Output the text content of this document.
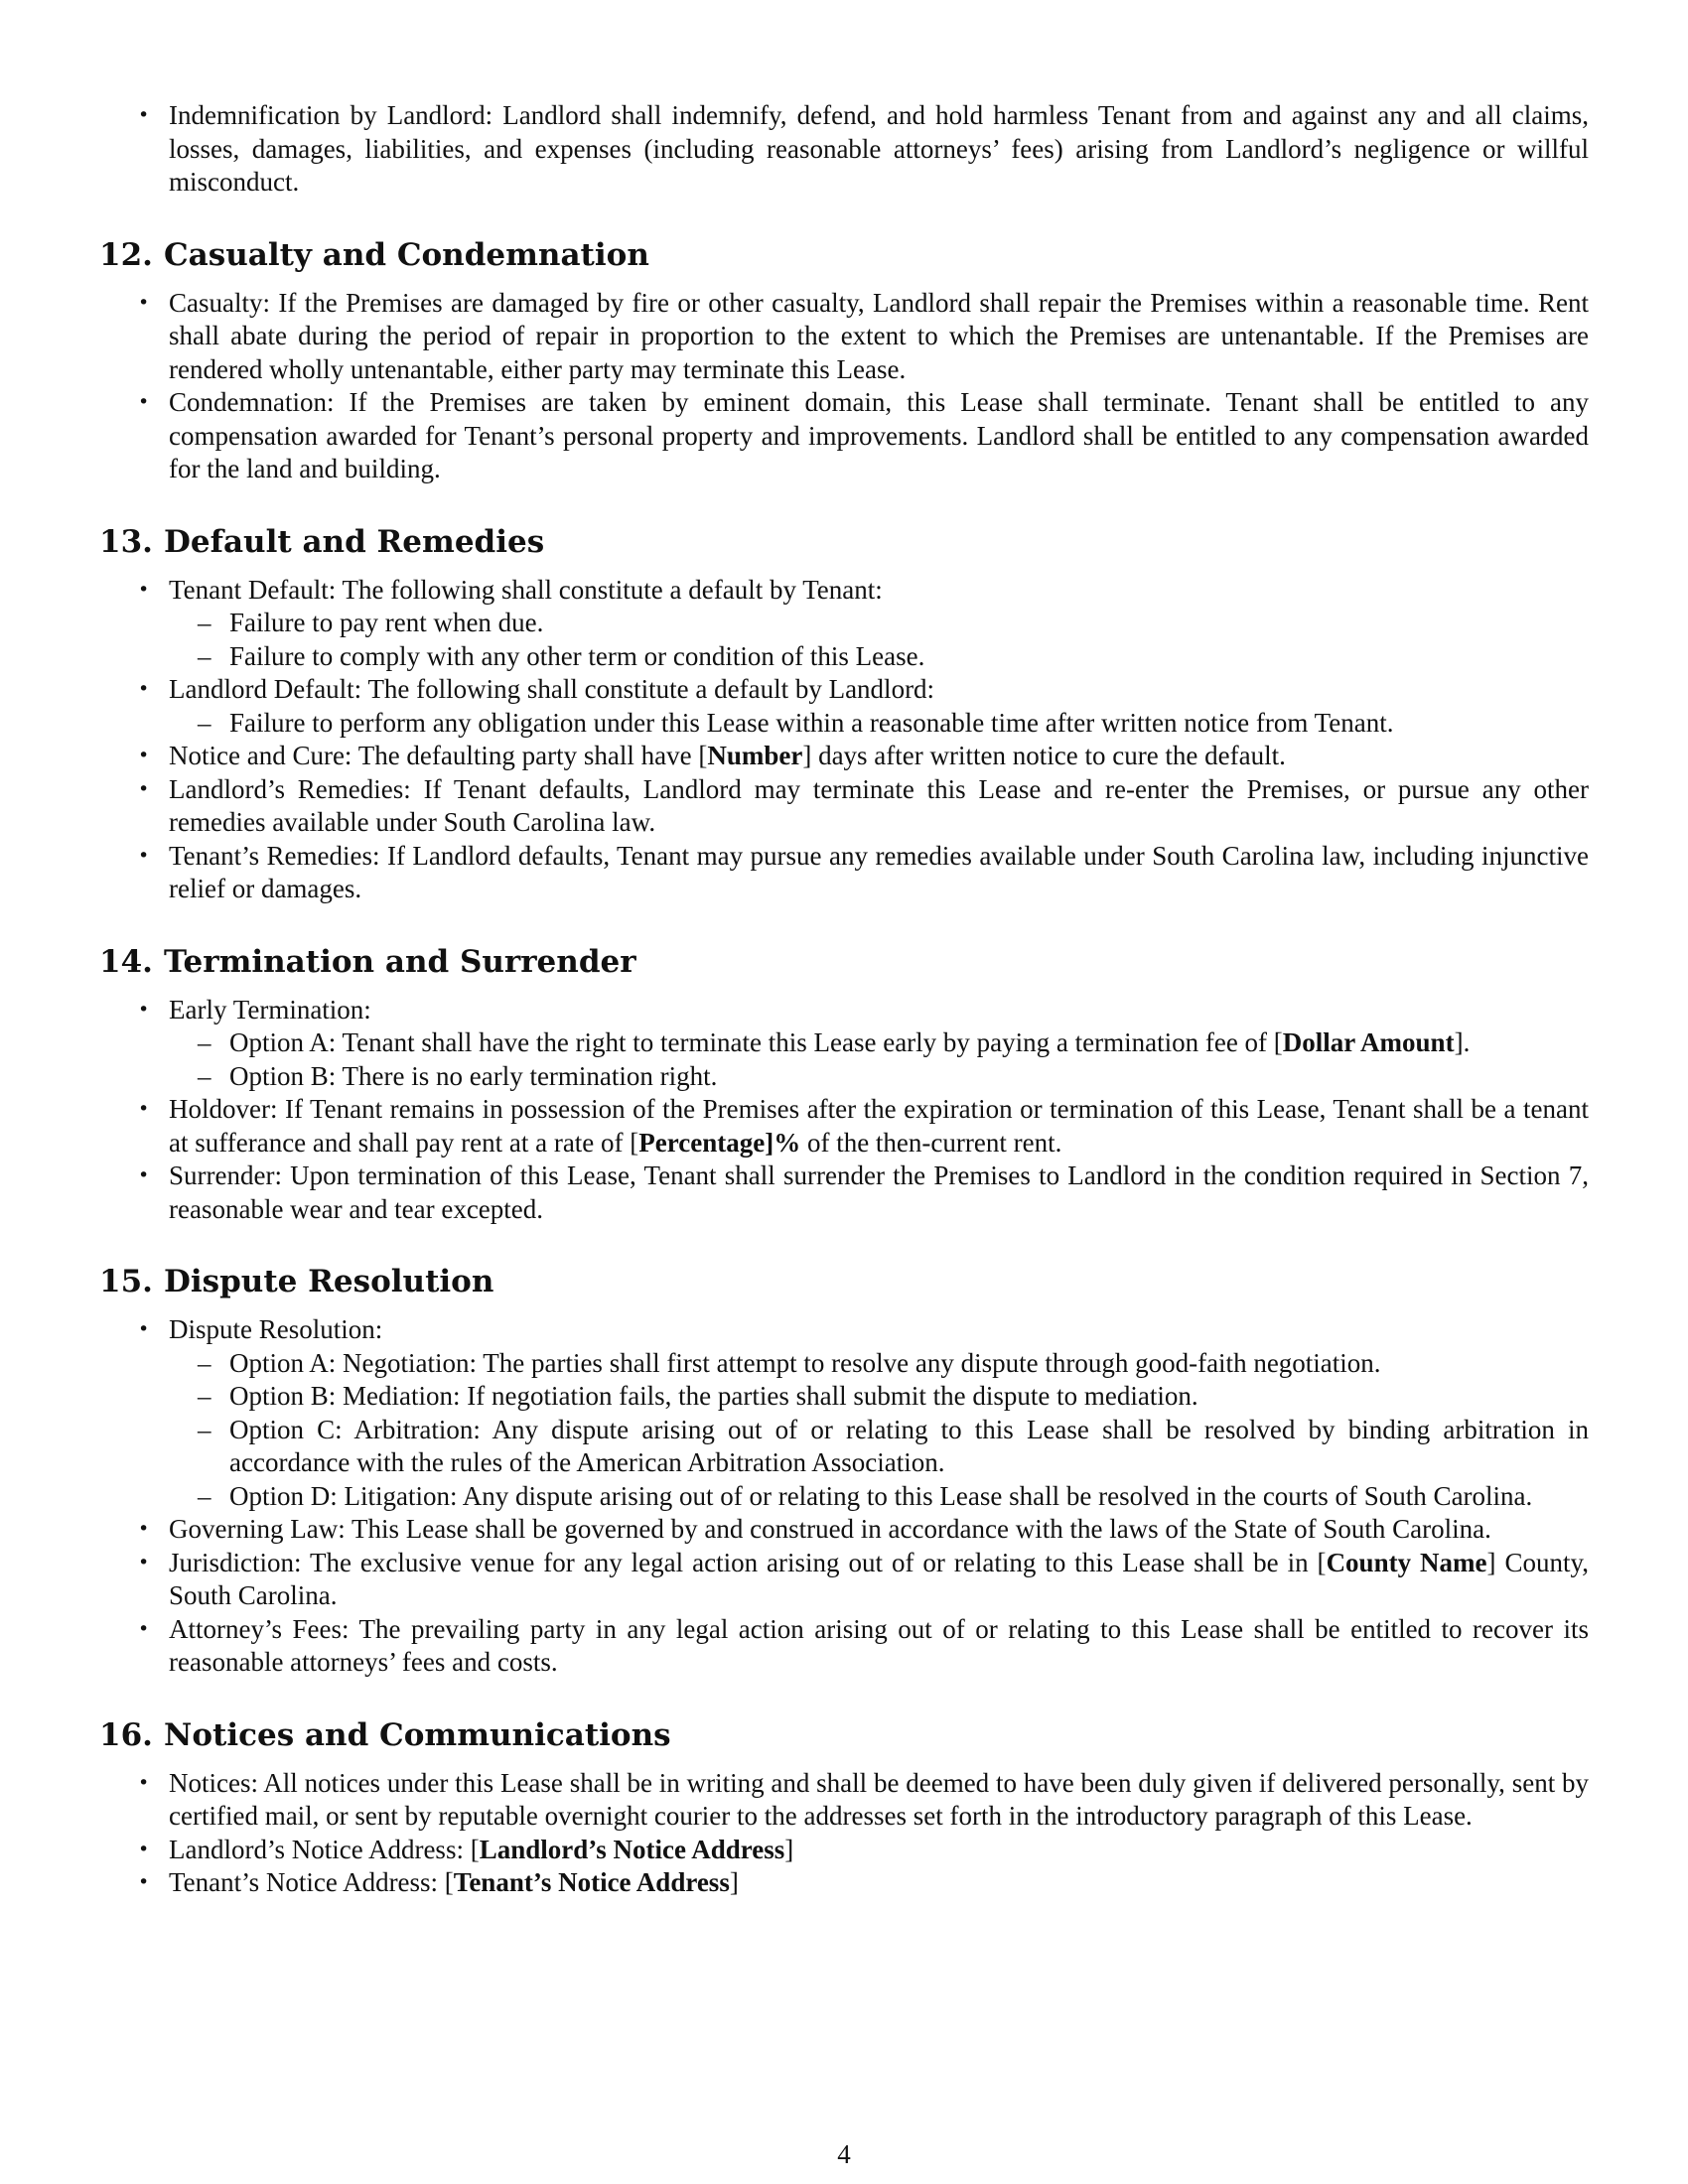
• Indemnification by Landlord: Landlord shall indemnify, defend, and hold harmless Tenant from and against any and all claims, losses, damages, liabilities, and expenses (including reasonable attorneys’ fees) arising from Landlord’s negligence or willful misconduct.
12. Casualty and Condemnation
• Casualty: If the Premises are damaged by fire or other casualty, Landlord shall repair the Premises within a reasonable time. Rent shall abate during the period of repair in proportion to the extent to which the Premises are untenantable. If the Premises are rendered wholly untenantable, either party may terminate this Lease.
• Condemnation: If the Premises are taken by eminent domain, this Lease shall terminate. Tenant shall be entitled to any compensation awarded for Tenant’s personal property and improvements. Landlord shall be entitled to any compensation awarded for the land and building.
13. Default and Remedies
• Tenant Default: The following shall constitute a default by Tenant:
– Failure to pay rent when due.
– Failure to comply with any other term or condition of this Lease.
• Landlord Default: The following shall constitute a default by Landlord:
– Failure to perform any obligation under this Lease within a reasonable time after written notice from Tenant.
• Notice and Cure: The defaulting party shall have [Number] days after written notice to cure the default.
• Landlord’s Remedies: If Tenant defaults, Landlord may terminate this Lease and re-enter the Premises, or pursue any other remedies available under South Carolina law.
• Tenant’s Remedies: If Landlord defaults, Tenant may pursue any remedies available under South Carolina law, including injunctive relief or damages.
14. Termination and Surrender
• Early Termination:
– Option A: Tenant shall have the right to terminate this Lease early by paying a termination fee of [Dollar Amount].
– Option B: There is no early termination right.
• Holdover: If Tenant remains in possession of the Premises after the expiration or termination of this Lease, Tenant shall be a tenant at sufferance and shall pay rent at a rate of [Percentage]% of the then-current rent.
• Surrender: Upon termination of this Lease, Tenant shall surrender the Premises to Landlord in the condition required in Section 7, reasonable wear and tear excepted.
15. Dispute Resolution
• Dispute Resolution:
– Option A: Negotiation: The parties shall first attempt to resolve any dispute through good-faith negotiation.
– Option B: Mediation: If negotiation fails, the parties shall submit the dispute to mediation.
– Option C: Arbitration: Any dispute arising out of or relating to this Lease shall be resolved by binding arbitration in accordance with the rules of the American Arbitration Association.
– Option D: Litigation: Any dispute arising out of or relating to this Lease shall be resolved in the courts of South Carolina.
• Governing Law: This Lease shall be governed by and construed in accordance with the laws of the State of South Carolina.
• Jurisdiction: The exclusive venue for any legal action arising out of or relating to this Lease shall be in [County Name] County, South Carolina.
• Attorney’s Fees: The prevailing party in any legal action arising out of or relating to this Lease shall be entitled to recover its reasonable attorneys’ fees and costs.
16. Notices and Communications
• Notices: All notices under this Lease shall be in writing and shall be deemed to have been duly given if delivered personally, sent by certified mail, or sent by reputable overnight courier to the addresses set forth in the introductory paragraph of this Lease.
• Landlord’s Notice Address: [Landlord’s Notice Address]
• Tenant’s Notice Address: [Tenant’s Notice Address]
4
